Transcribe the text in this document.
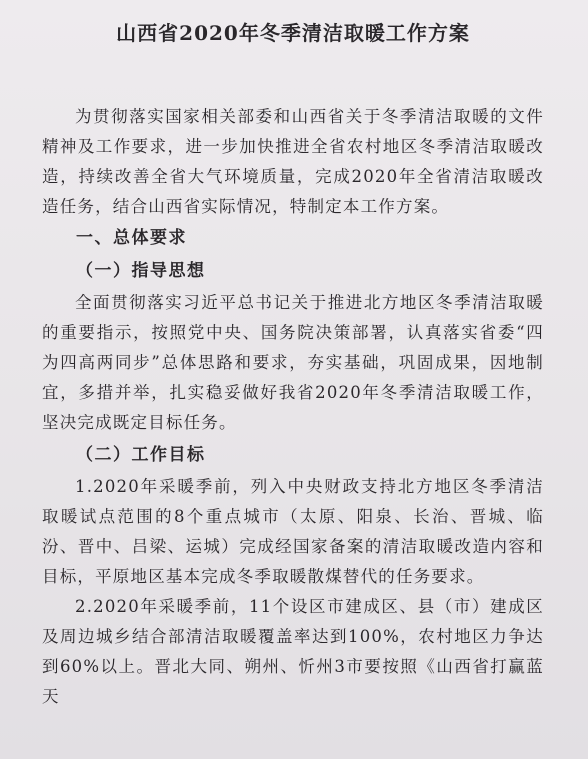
山西省2020年冬季清洁取暖工作方案

为贯彻落实国家相关部委和山西省关于冬季清洁取暖的文件精神及工作要求，进一步加快推进全省农村地区冬季清洁取暖改造，持续改善全省大气环境质量，完成2020年全省清洁取暖改造任务，结合山西省实际情况，特制定本工作方案。

一、总体要求
（一）指导思想

全面贯彻落实习近平总书记关于推进北方地区冬季清洁取暖的重要指示，按照党中央、国务院决策部署，认真落实省委“四为四高两同步”总体思路和要求，夯实基础，巩固成果，因地制宜，多措并举，扎实稳妥做好我省2020年冬季清洁取暖工作，坚决完成既定目标任务。

（二）工作目标

1.2020年采暖季前，列入中央财政支持北方地区冬季清洁取暖试点范围的8个重点城市（太原、阳泉、长治、晋城、临汾、晋中、吕梁、运城）完成经国家备案的清洁取暖改造内容和目标，平原地区基本完成冬季取暖散煤替代的任务要求。

2.2020年采暖季前，11个设区市建成区、县（市）建成区及周边城乡结合部清洁取暖覆盖率达到100%，农村地区力争达到60%以上。晋北大同、朔州、忻州3市要按照《山西省打赢蓝天
